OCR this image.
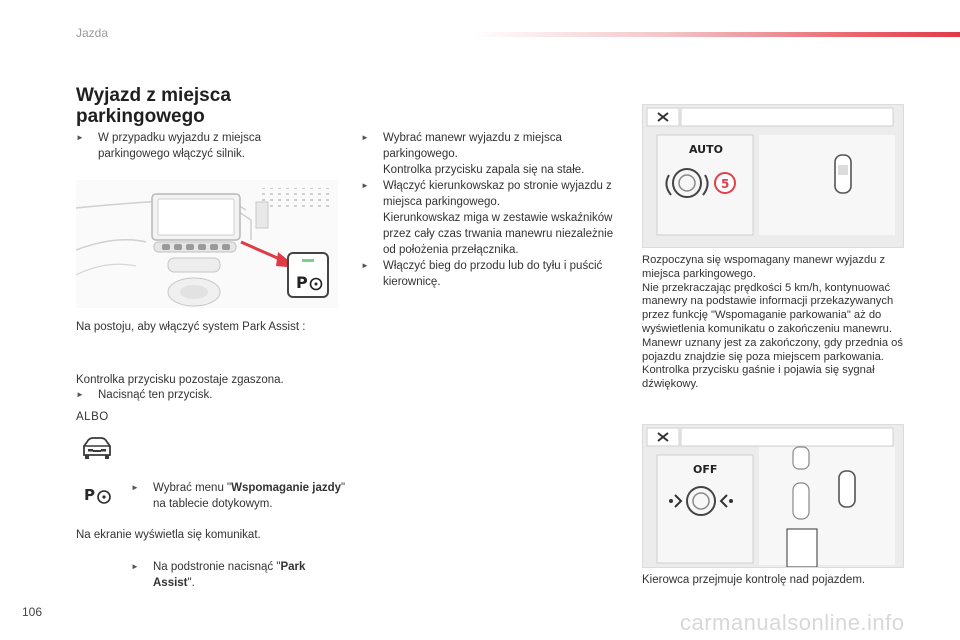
Jazda
Wyjazd z miejsca parkingowego
► W przypadku wyjazdu z miejsca parkingowego włączyć silnik.
P
Na postoju, aby włączyć system Park Assist :
► Nacisnąć ten przycisk.
Kontrolka przycisku pozostaje zgaszona.
ALBO
► Wybrać menu "Wspomaganie jazdy" na tablecie dotykowym.
P
► Na podstronie nacisnąć "Park Assist".
Na ekranie wyświetla się komunikat.
► Wybrać manewr wyjazdu z miejsca parkingowego.
Kontrolka przycisku zapala się na stałe.
► Włączyć kierunkowskaz po stronie wyjazdu z miejsca parkingowego.
Kierunkowskaz miga w zestawie wskaźników przez cały czas trwania manewru niezależnie od położenia przełącznika.
► Włączyć bieg do przodu lub do tyłu i puścić kierownicę.
AUTO
5
Rozpoczyna się wspomagany manewr wyjazdu z miejsca parkingowego.
Nie przekraczając prędkości 5 km/h, kontynuować manewry na podstawie informacji przekazywanych przez funkcję "Wspomaganie parkowania" aż do wyświetlenia komunikatu o zakończeniu manewru.
Manewr uznany jest za zakończony, gdy przednia oś pojazdu znajdzie się poza miejscem parkowania.
Kontrolka przycisku gaśnie i pojawia się sygnał dźwiękowy.
OFF
Kierowca przejmuje kontrolę nad pojazdem.
106	carmanualsonline.info
